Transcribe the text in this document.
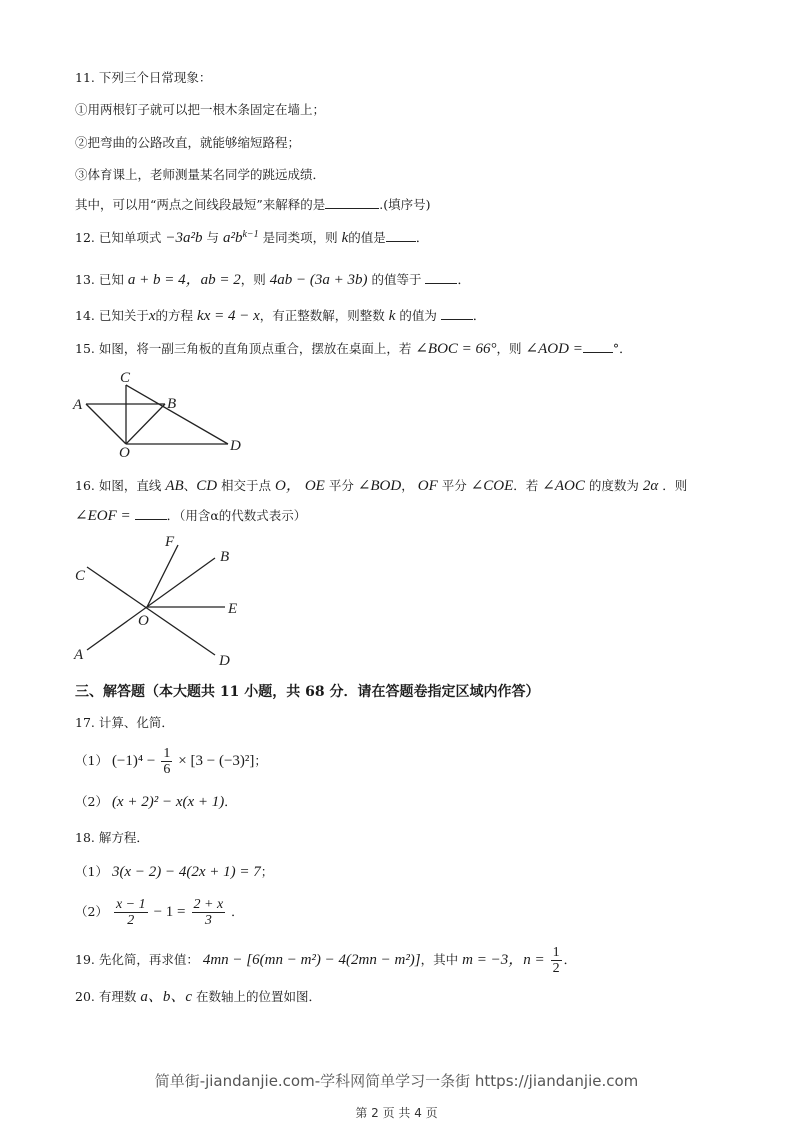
11. 下列三个日常现象：
①用两根钉子就可以把一根木条固定在墙上；
②把弯曲的公路改直，就能够缩短路程；
③体育课上，老师测量某名同学的跳远成绩．
其中，可以用“两点之间线段最短”来解释的是	.(填序号)
12. 已知单项式 −3a²b 与 $a^2b^{k-1}$ 是同类项，则 k的值是 ．
13. 已知 a + b = 4，ab = 2，则 4ab − (3a + 3b) 的值等于	．
14. 已知关于x的方程 kx = 4 − x，有正整数解，则整数 k 的值为	．
15. 如图，将一副三角板的直角顶点重合，摆放在桌面上，若 ∠BOC = 66°，则 ∠AOD = °．
C
A	B
O	D
F
B
C
E
O
A	D
16. 如图，直线 AB、CD 相交于点 O， OE 平分 ∠BOD， OF 平分 ∠COE．若 ∠AOC 的度数为 2α ．则
∠EOF =	．（用含α的代数式表示）
三、解答题（本大题共 11 小题，共 68 分．请在答题卷指定区域内作答）
17. 计算、化简．
（1） $(-1)^4 - \frac{1}{6} \times [3 - (-3)^2]$；
（2） (x + 2)² − x(x + 1)．
18. 解方程．
（1） 3(x − 2) − 4(2x + 1) = 7；
$(2) \frac{x - 1}{2} - 1 = \frac{2 + x}{3}$ ．
19. 先化简，再求值： 4mn − [6(mn − m²) − 4(2mn − m²)]，其中 m = −3，$n = \frac{1}{2}$ ．
20. 有理数 a、b、c 在数轴上的位置如图．
简单街-jiandanjie.com-学科网简单学习一条街 https://jiandanjie.com
第 2 页 共 4 页
